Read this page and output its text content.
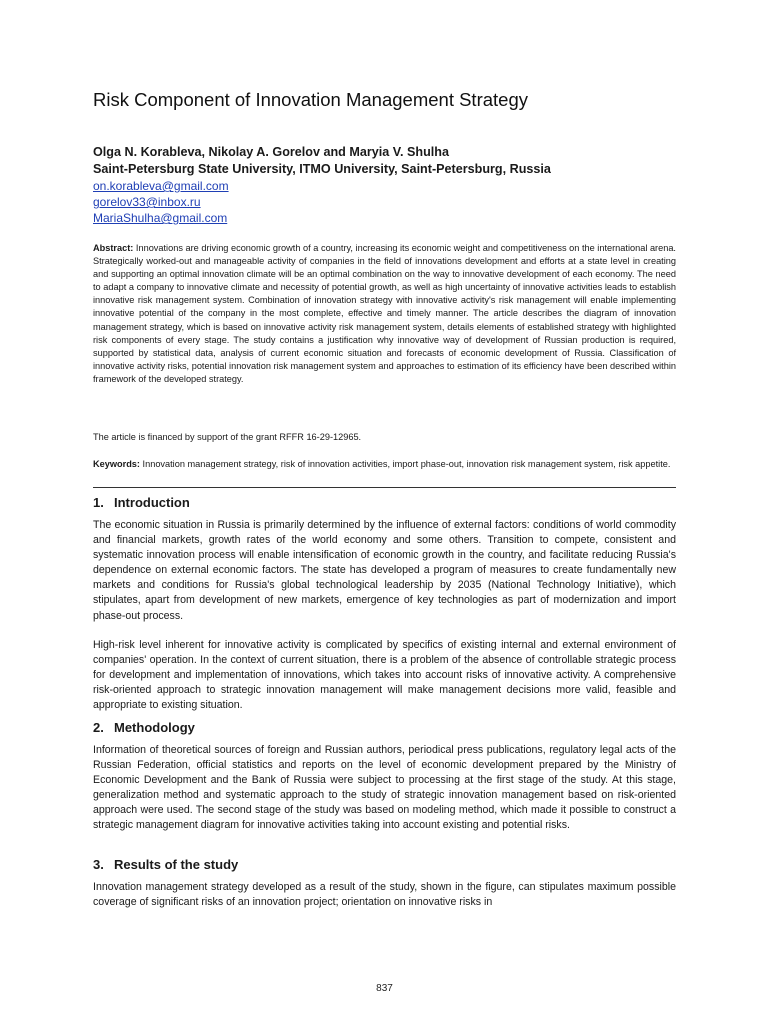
Risk Component of Innovation Management Strategy

Olga N. Korableva, Nikolay A. Gorelov and Maryia V. Shulha

Saint-Petersburg State University, ITMO University, Saint-Petersburg, Russia

on.korableva@gmail.com
gorelov33@inbox.ru
MariaShulha@gmail.com

Abstract: Innovations are driving economic growth of a country, increasing its economic weight and competitiveness on the international arena. Strategically worked-out and manageable activity of companies in the field of innovations development and efforts at a state level in creating and supporting an optimal innovation climate will be an optimal combination on the way to innovative development of each economy. The need to adapt a company to innovative climate and necessity of potential growth, as well as high uncertainty of innovative activities leads to establish innovative risk management system. Combination of innovation strategy with innovative activity's risk management will enable implementing innovative potential of the company in the most complete, effective and timely manner. The article describes the diagram of innovation management strategy, which is based on innovative activity risk management system, details elements of established strategy with highlighted risk components of every stage. The study contains a justification why innovative way of development of Russian production is required, supported by statistical data, analysis of current economic situation and forecasts of economic development of Russia. Classification of innovative activity risks, potential innovation risk management system and approaches to estimation of its efficiency have been described within framework of the developed strategy.

The article is financed by support of the grant RFFR 16-29-12965.

Keywords: Innovation management strategy, risk of innovation activities, import phase-out, innovation risk management system, risk appetite.

1. Introduction

The economic situation in Russia is primarily determined by the influence of external factors: conditions of world commodity and financial markets, growth rates of the world economy and some others. Transition to compete, consistent and systematic innovation process will enable intensification of economic growth in the country, and facilitate reducing Russia's dependence on external economic factors. The state has developed a program of measures to create fundamentally new markets and conditions for Russia's global technological leadership by 2035 (National Technology Initiative), which stipulates, apart from development of new markets, emergence of key technologies as part of modernization and import phase-out process.

High-risk level inherent for innovative activity is complicated by specifics of existing internal and external environment of companies' operation. In the context of current situation, there is a problem of the absence of controllable strategic process for development and implementation of innovations, which takes into account risks of innovative activity. A comprehensive risk-oriented approach to strategic innovation management will make management decisions more valid, feasible and appropriate to existing situation.

2. Methodology

Information of theoretical sources of foreign and Russian authors, periodical press publications, regulatory legal acts of the Russian Federation, official statistics and reports on the level of economic development prepared by the Ministry of Economic Development and the Bank of Russia were subject to processing at the first stage of the study. At this stage, generalization method and systematic approach to the study of strategic innovation management based on risk-oriented approach were used. The second stage of the study was based on modeling method, which made it possible to construct a strategic management diagram for innovative activities taking into account existing and potential risks.

3. Results of the study

Innovation management strategy developed as a result of the study, shown in the figure, can stipulates maximum possible coverage of significant risks of an innovation project; orientation on innovative risks in

837
